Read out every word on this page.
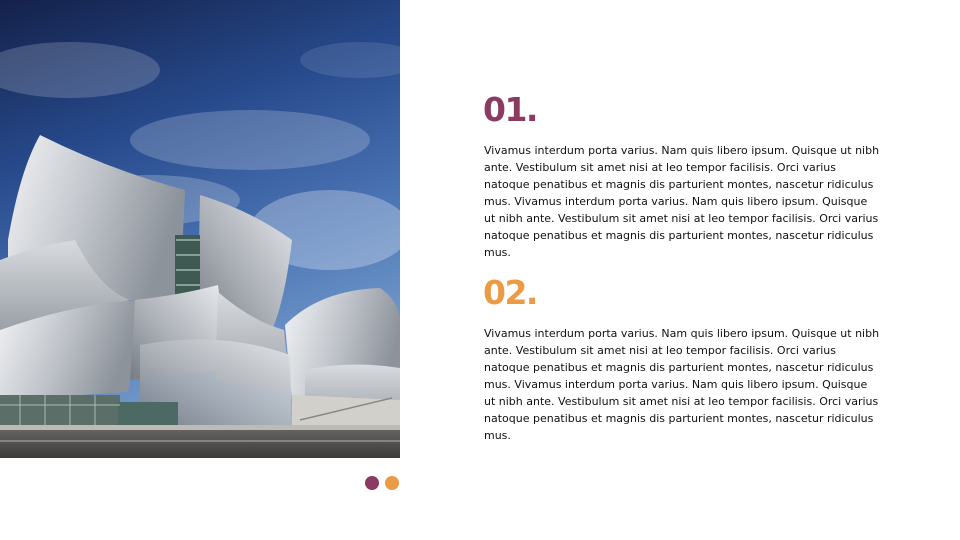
01.

Vivamus interdum porta varius. Nam quis libero ipsum. Quisque ut nibh ante. Vestibulum sit amet nisi at leo tempor facilisis. Orci varius natoque penatibus et magnis dis parturient montes, nascetur ridiculus mus. Vivamus interdum porta varius. Nam quis libero ipsum. Quisque ut nibh ante. Vestibulum sit amet nisi at leo tempor facilisis. Orci varius natoque penatibus et magnis dis parturient montes, nascetur ridiculus mus.

02.

Vivamus interdum porta varius. Nam quis libero ipsum. Quisque ut nibh ante. Vestibulum sit amet nisi at leo tempor facilisis. Orci varius natoque penatibus et magnis dis parturient montes, nascetur ridiculus mus. Vivamus interdum porta varius. Nam quis libero ipsum. Quisque ut nibh ante. Vestibulum sit amet nisi at leo tempor facilisis. Orci varius natoque penatibus et magnis dis parturient montes, nascetur ridiculus mus.
